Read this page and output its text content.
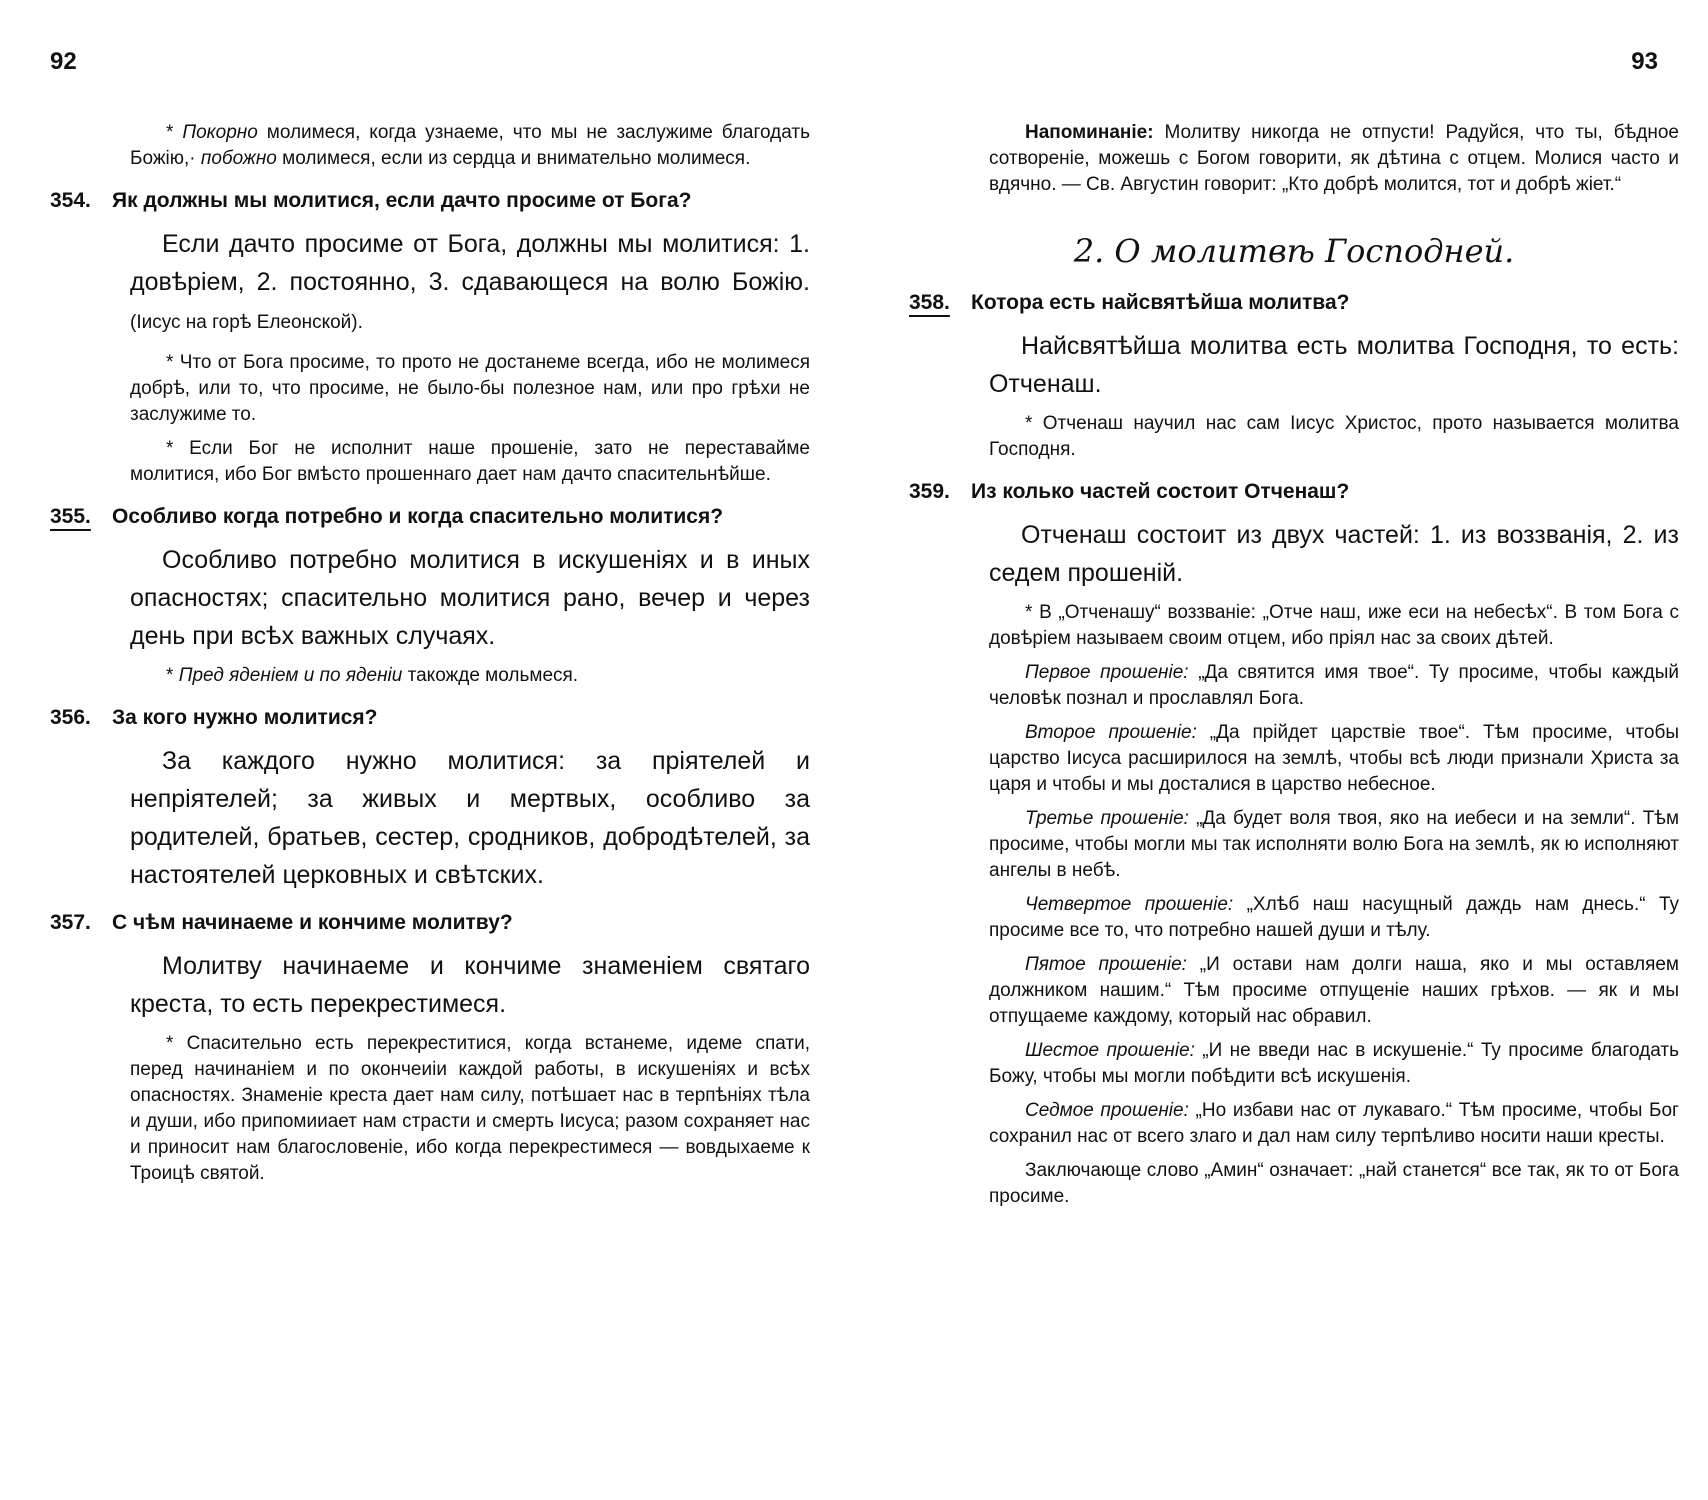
92

* Покорно молимеся, когда узнаеме, что мы не заслужиме благодать Божію,· побожно молимеся, если из сердца и внимательно молимеся.

354. Як должны мы молитися, если дачто просиме от Бога?

Если дачто просиме от Бога, должны мы молитися: 1. довѣріем, 2. постоянно, 3. сдавающеся на волю Божію. (Іисус на горѣ Елеонской).

* Что от Бога просиме, то прото не достанеме всегда, ибо не молимеся добрѣ, или то, что просиме, не было-бы полезное нам, или про грѣхи не заслужиме то.

* Если Бог не исполнит наше прошеніе, зато не переставайме молитися, ибо Бог вмѣсто прошеннаго дает нам дачто спасительнѣйше.

355. Особливо когда потребно и когда спасительно молитися?

Особливо потребно молитися в искушеніях и в иных опасностях; спасительно молитися рано, вечер и через день при всѣх важных случаях.

* Пред яденіем и по яденіи такожде мольмеся.

356. За кого нужно молитися?

За каждого нужно молитися: за пріятелей и непріятелей; за живых и мертвых, особливо за родителей, братьев, сестер, сродников, добродѣтелей, за настоятелей церковных и свѣтских.

357. С чѣм начинаеме и кончиме молитву?

Молитву начинаеме и кончиме знаменіем святаго креста, то есть перекрестимеся.

* Спасительно есть перекреститися, когда встанеме, идеме спати, перед начинаніем и по окончеиіи каждой работы, в искушеніях и всѣх опасностях. Знаменіе креста дает нам силу, потѣшает нас в терпѣніях тѣла и души, ибо припомииает нам страсти и смерть Іисуса; разом сохраняет нас и приносит нам благословеніе, ибо когда перекрестимеся — вовдыхаеме к Троицѣ святой.

93

Напоминаніе: Молитву никогда не отпусти! Радуйся, что ты, бѣдное сотвореніе, можешь с Богом говорити, як дѣтина с отцем. Молися часто и вдячно. — Св. Августин говорит: „Кто добрѣ молится, тот и добрѣ жіет.“

2. О молитвѣ Господней.

358. Котора есть найсвятѣйша молитва?

Найсвятѣйша молитва есть молитва Господня, то есть: Отченаш.

* Отченаш научил нас сам Іисус Христос, прото называется молитва Господня.

359. Из колько частей состоит Отченаш?

Отченаш состоит из двух частей: 1. из воззванія, 2. из седем прошеній.

* В „Отченашу“ воззваніе: „Отче наш, иже еси на небесѣх“. В том Бога с довѣріем называем своим отцем, ибо пріял нас за своих дѣтей.

Первое прошеніе: „Да святится имя твое“. Ту просиме, чтобы каждый человѣк познал и прославлял Бога.

Второе прошеніе: „Да прійдет царствіе твое“. Тѣм просиме, чтобы царство Іисуса расширилося на землѣ, чтобы всѣ люди признали Христа за царя и чтобы и мы досталися в царство небесное.

Третье прошеніе: „Да будет воля твоя, яко на иебеси и на земли“. Тѣм просиме, чтобы могли мы так исполняти волю Бога на землѣ, як ю исполняют ангелы в небѣ.

Четвертое прошеніе: „Хлѣб наш насущный даждь нам днесь.“ Ту просиме все то, что потребно нашей души и тѣлу.

Пятое прошеніе: „И остави нам долги наша, яко и мы оставляем должником нашим.“ Тѣм просиме отпущеніе наших грѣхов. — як и мы отпущаеме каждому, который нас обравил.

Шестое прошеніе: „И не введи нас в искушеніе.“ Ту просиме благодать Божу, чтобы мы могли побѣдити всѣ искушенія.

Седмое прошеніе: „Но избави нас от лукаваго.“ Тѣм просиме, чтобы Бог сохранил нас от всего злаго и дал нам силу терпѣливо носити наши кресты.

Заключающе слово „Амин“ означает: „най станется“ все так, як то от Бога просиме.
